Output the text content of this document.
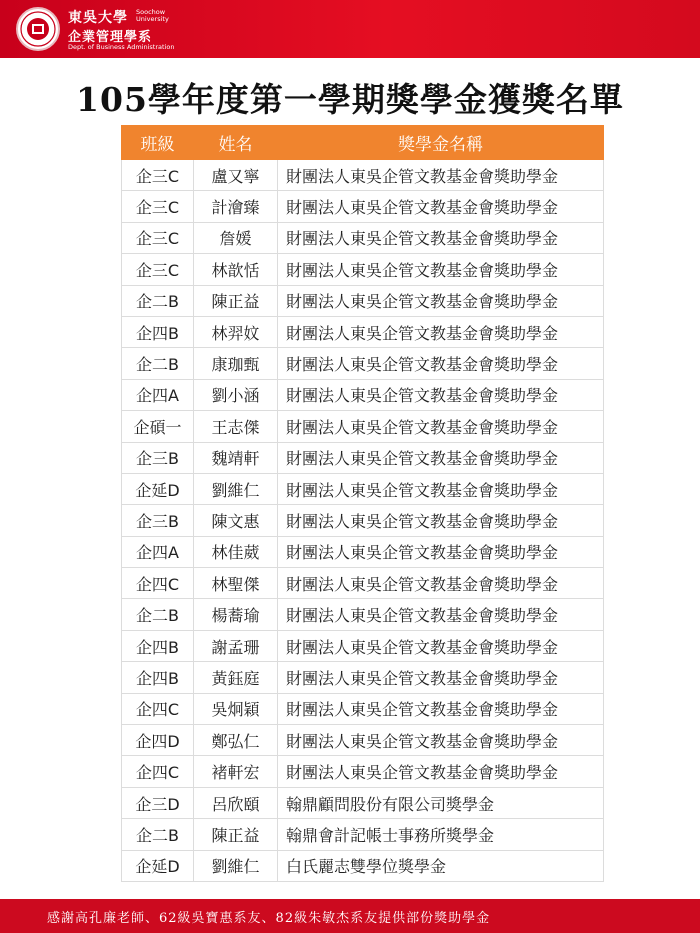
東吳大學 Soochow
University
企業管理學系
Dept. of Business Administration
105學年度第一學期獎學金獲獎名單
班級	姓名	獎學金名稱
企三C	盧又寧	財團法人東吳企管文教基金會獎助學金
企三C	計澮臻	財團法人東吳企管文教基金會獎助學金
企三C	詹媛	財團法人東吳企管文教基金會獎助學金
企三C	林歆恬	財團法人東吳企管文教基金會獎助學金
企二B	陳正益	財團法人東吳企管文教基金會獎助學金
企四B	林羿妏	財團法人東吳企管文教基金會獎助學金
企二B	康珈甄	財團法人東吳企管文教基金會獎助學金
企四A	劉小涵	財團法人東吳企管文教基金會獎助學金
企碩一	王志傑	財團法人東吳企管文教基金會獎助學金
企三B	魏靖軒	財團法人東吳企管文教基金會獎助學金
企延D	劉維仁	財團法人東吳企管文教基金會獎助學金
企三B	陳文惠	財團法人東吳企管文教基金會獎助學金
企四A	林佳葳	財團法人東吳企管文教基金會獎助學金
企四C	林聖傑	財團法人東吳企管文教基金會獎助學金
企二B	楊蕎瑜	財團法人東吳企管文教基金會獎助學金
企四B	謝孟珊	財團法人東吳企管文教基金會獎助學金
企四B	黃鈺庭	財團法人東吳企管文教基金會獎助學金
企四C	吳炯穎	財團法人東吳企管文教基金會獎助學金
企四D	鄭弘仁	財團法人東吳企管文教基金會獎助學金
企四C	褚軒宏	財團法人東吳企管文教基金會獎助學金
企三D	呂欣頤	翰鼎顧問股份有限公司獎學金
企二B	陳正益	翰鼎會計記帳士事務所獎學金
企延D	劉維仁	白氏麗志雙學位獎學金
感謝高孔廉老師、62級吳寶惠系友、82級朱敏杰系友提供部份獎助學金
